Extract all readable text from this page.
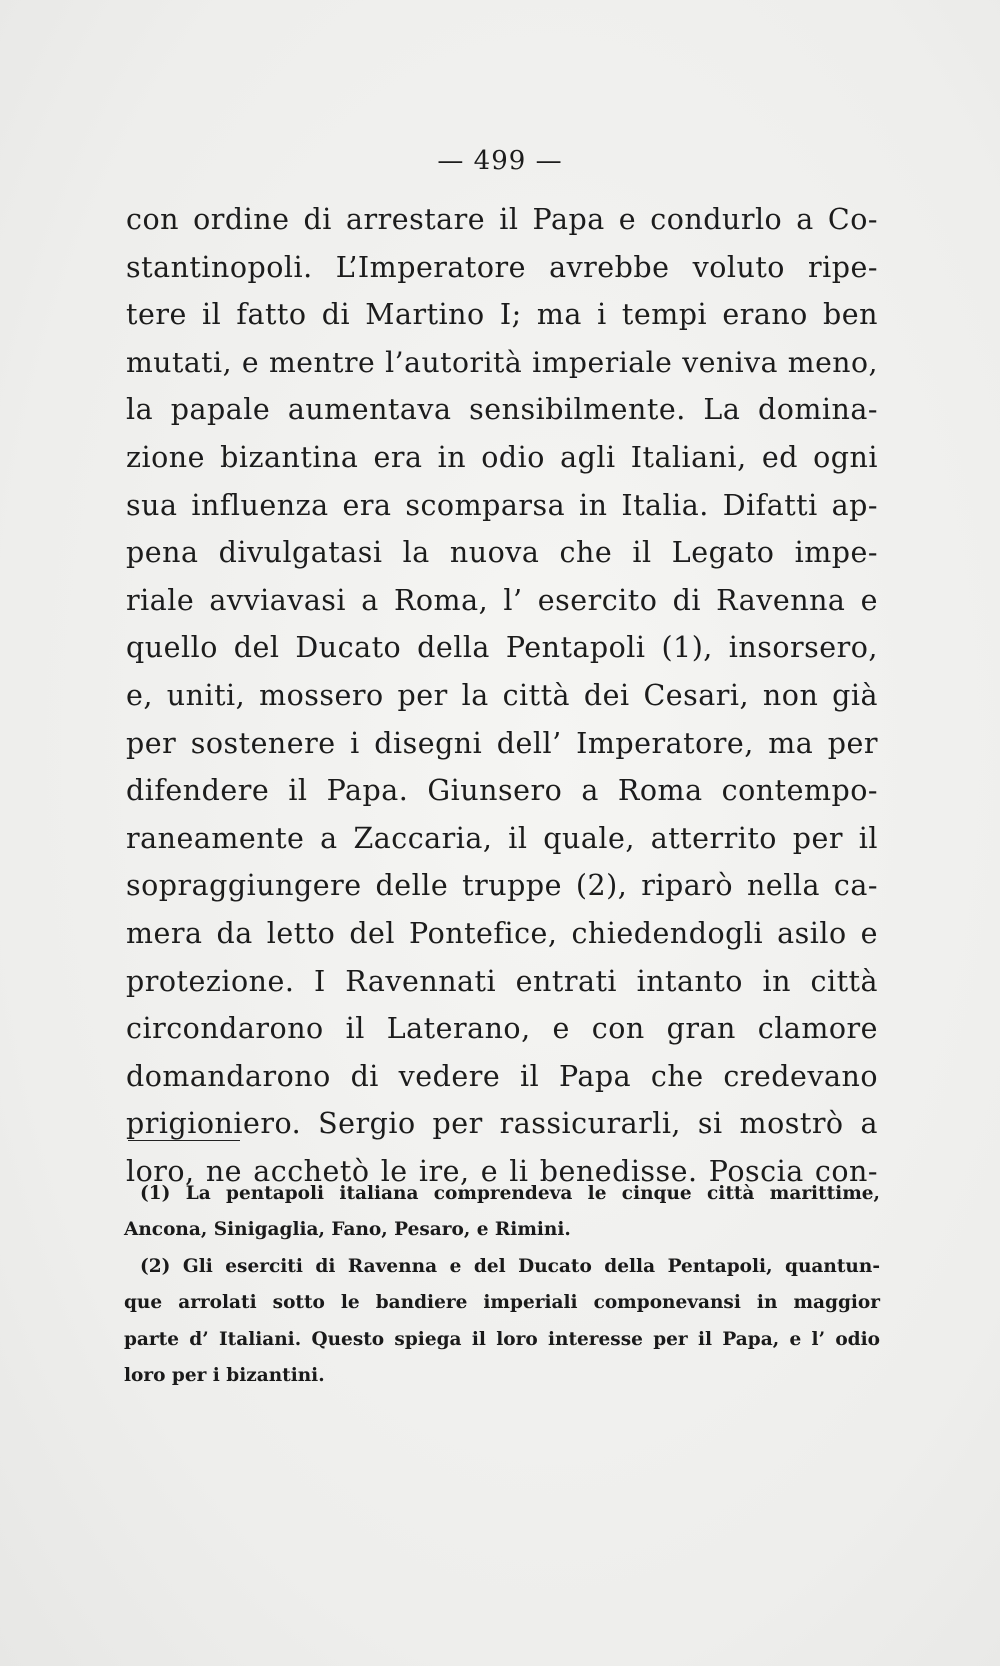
— 499 —
con ordine di arrestare il Papa e condurlo a Co-
stantinopoli. L’Imperatore avrebbe voluto ripe-
tere il fatto di Martino I; ma i tempi erano ben
mutati, e mentre l’autorità imperiale veniva meno,
la papale aumentava sensibilmente. La domina-
zione bizantina era in odio agli Italiani, ed ogni
sua influenza era scomparsa in Italia. Difatti ap-
pena divulgatasi la nuova che il Legato impe-
riale avviavasi a Roma, l’ esercito di Ravenna e
quello del Ducato della Pentapoli (1), insorsero,
e, uniti, mossero per la città dei Cesari, non già
per sostenere i disegni dell’ Imperatore, ma per
difendere il Papa. Giunsero a Roma contempo-
raneamente a Zaccaria, il quale, atterrito per il
sopraggiungere delle truppe (2), riparò nella ca-
mera da letto del Pontefice, chiedendogli asilo e
protezione. I Ravennati entrati intanto in città
circondarono il Laterano, e con gran clamore
domandarono di vedere il Papa che credevano
prigioniero. Sergio per rassicurarli, si mostrò a
loro, ne acchetò le ire, e li benedisse. Poscia con-
(1) La pentapoli italiana comprendeva le cinque città marittime,
Ancona, Sinigaglia, Fano, Pesaro, e Rimini.
(2) Gli eserciti di Ravenna e del Ducato della Pentapoli, quantun-
que arrolati sotto le bandiere imperiali componevansi in maggior
parte d’ Italiani. Questo spiega il loro interesse per il Papa, e l’ odio
loro per i bizantini.
